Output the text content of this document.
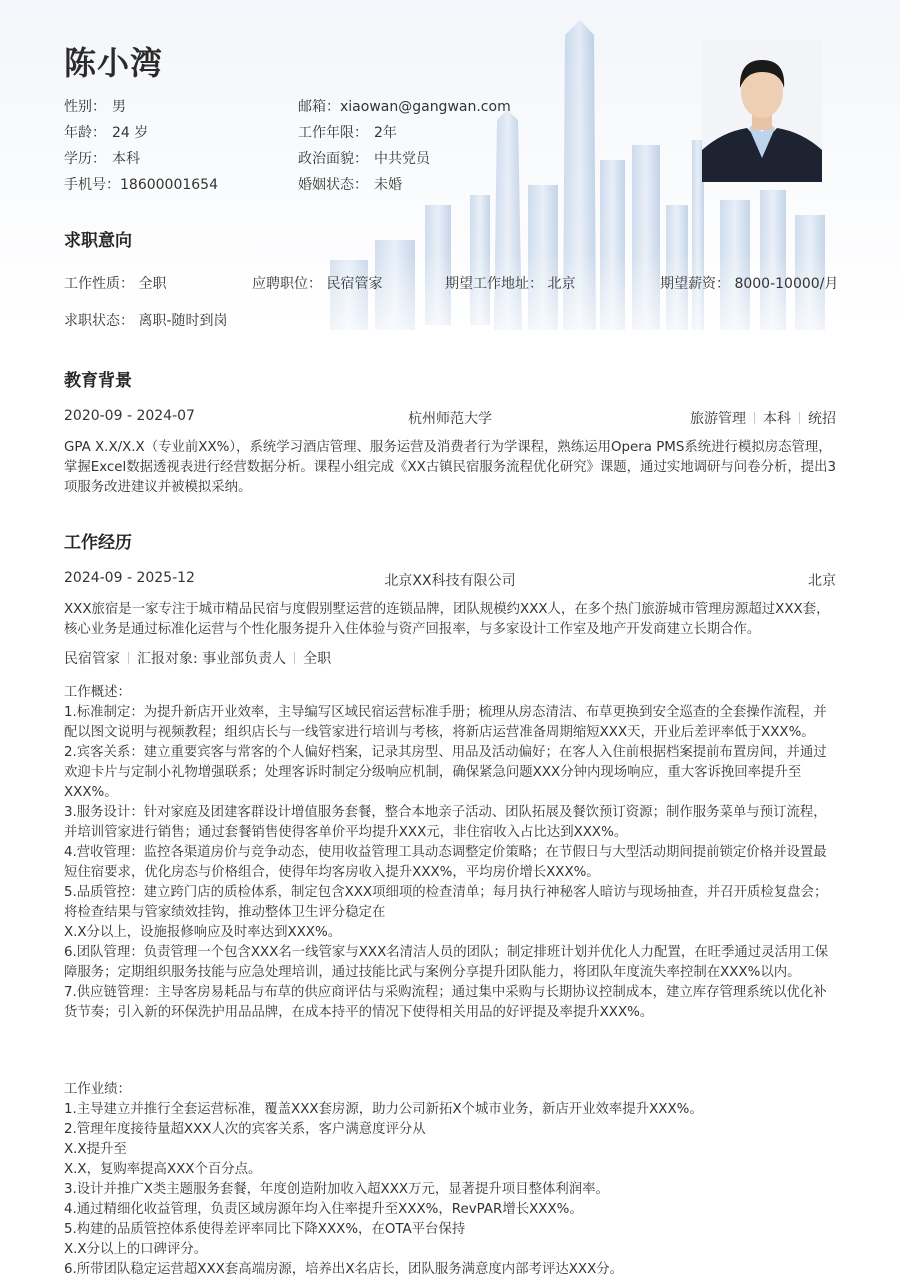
陈小湾
性别： 男
年龄： 24 岁
学历： 本科
手机号：18600001654
邮箱：xiaowan@gangwan.com
工作年限： 2年
政治面貌： 中共党员
婚姻状态： 未婚
求职意向
工作性质： 全职	应聘职位： 民宿管家	期望工作地址： 北京	期望薪资： 8000-10000/月
求职状态： 离职-随时到岗
教育背景
2020-09 - 2024-07	杭州师范大学	旅游管理 本科 统招
GPA X.X/X.X（专业前XX%），系统学习酒店管理、服务运营及消费者行为学课程，熟练运用Opera PMS系统进行模拟房态管理，掌握Excel数据透视表进行经营数据分析。课程小组完成《XX古镇民宿服务流程优化研究》课题，通过实地调研与问卷分析，提出3项服务改进建议并被模拟采纳。
工作经历
2024-09 - 2025-12	北京XX科技有限公司	北京
XXX旅宿是一家专注于城市精品民宿与度假别墅运营的连锁品牌，团队规模约XXX人，在多个热门旅游城市管理房源超过XXX套，核心业务是通过标准化运营与个性化服务提升入住体验与资产回报率，与多家设计工作室及地产开发商建立长期合作。
民宿管家 汇报对象: 事业部负责人 全职

工作概述：

1.标准制定：为提升新店开业效率，主导编写区域民宿运营标准手册；梳理从房态清洁、布草更换到安全巡查的全套操作流程，并配以图文说明与视频教程；组织店长与一线管家进行培训与考核，将新店运营准备周期缩短XXX天，开业后差评率低于XXX%。

2.宾客关系：建立重要宾客与常客的个人偏好档案，记录其房型、用品及活动偏好；在客人入住前根据档案提前布置房间，并通过欢迎卡片与定制小礼物增强联系；处理客诉时制定分级响应机制，确保紧急问题XXX分钟内现场响应，重大客诉挽回率提升至XXX%。

3.服务设计：针对家庭及团建客群设计增值服务套餐，整合本地亲子活动、团队拓展及餐饮预订资源；制作服务菜单与预订流程，并培训管家进行销售；通过套餐销售使得客单价平均提升XXX元，非住宿收入占比达到XXX%。

4.营收管理：监控各渠道房价与竞争动态，使用收益管理工具动态调整定价策略；在节假日与大型活动期间提前锁定价格并设置最短住宿要求，优化房态与价格组合，使得年均客房收入提升XXX%，平均房价增长XXX%。

5.品质管控：建立跨门店的质检体系，制定包含XXX项细项的检查清单；每月执行神秘客人暗访与现场抽查，并召开质检复盘会；将检查结果与管家绩效挂钩，推动整体卫生评分稳定在

X.X分以上，设施报修响应及时率达到XXX%。

6.团队管理：负责管理一个包含XXX名一线管家与XXX名清洁人员的团队；制定排班计划并优化人力配置，在旺季通过灵活用工保障服务；定期组织服务技能与应急处理培训，通过技能比武与案例分享提升团队能力，将团队年度流失率控制在XXX%以内。

7.供应链管理：主导客房易耗品与布草的供应商评估与采购流程；通过集中采购与长期协议控制成本，建立库存管理系统以优化补货节奏；引入新的环保洗护用品品牌，在成本持平的情况下使得相关用品的好评提及率提升XXX%。

工作业绩：

1.主导建立并推行全套运营标准，覆盖XXX套房源，助力公司新拓X个城市业务，新店开业效率提升XXX%。

2.管理年度接待量超XXX人次的宾客关系，客户满意度评分从

X.X提升至

X.X，复购率提高XXX个百分点。

3.设计并推广X类主题服务套餐，年度创造附加收入超XXX万元，显著提升项目整体利润率。

4.通过精细化收益管理，负责区域房源年均入住率提升至XXX%，RevPAR增长XXX%。

5.构建的品质管控体系使得差评率同比下降XXX%，在OTA平台保持

X.X分以上的口碑评分。

6.所带团队稳定运营超XXX套高端房源，培养出X名店长，团队服务满意度内部考评达XXX分。
